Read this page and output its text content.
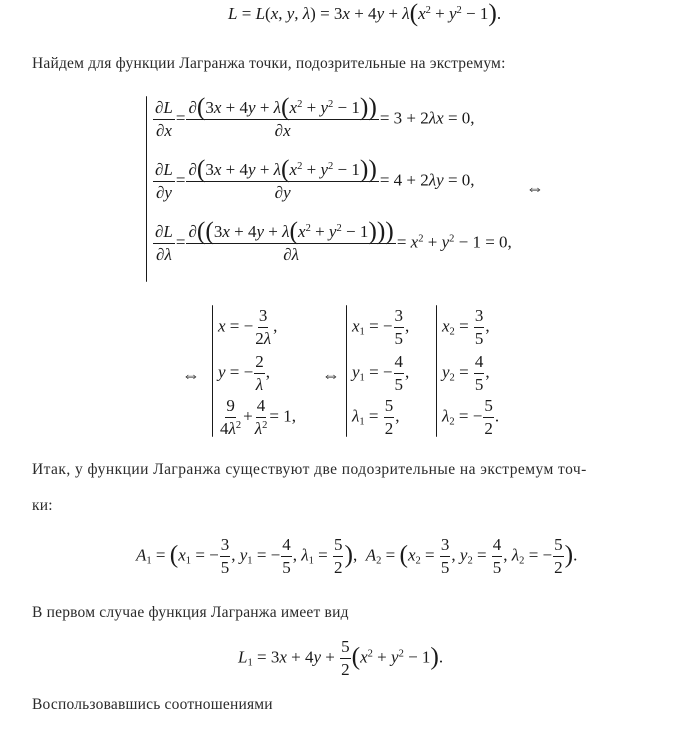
L = L(x, y, $\lambda) = 3x + 4y + \lambda(x^2 + y^2 - 1)$.
Найдем для функции Лагранжа точки, подозрительные на экстремум:
$\frac{\partial L}{\partial x} = \frac{\partial(3x + 4y + \lambda(x^2 + y^2 - 1))}{\partial x} = 3 + 2\lambda x = 0$,
$\frac{\partial L}{\partial y} = \frac{\partial(3x + 4y + \lambda(x^2 + y^2 - 1))}{\partial y} = 4 + 2\lambda y = 0$,	⇔
$\frac{\partial L}{\partial\lambda} = \frac{\partial((3x + 4y + \lambda(x^2 + y^2 - 1)))}{\partial\lambda} = x^2 + y^2 - 1 = 0$,
⇔
x = − $\frac{3}{2\lambda}$ ,
y = − $\frac{2}{\lambda}$ ,
$\frac{9}{4\lambda^2} + \frac{4}{\lambda^2} = 1$,
⇔
$x_1$ = − $\frac{3}{5}$ ,
$y_1$ = − $\frac{4}{5}$ ,
$\lambda_1 = \frac{5}{2}$ ,
$x_2 = \frac{3}{5}$ ,
$y_2 = \frac{4}{5}$ ,
$\lambda_2$ = − $\frac{5}{2}$ .
Итак, у функции Лагранжа существуют две подозрительные на экстремум точ-
ки:
$A_1 = (x_1$ = − $\frac{3}{5}$ , $y_1$ = − $\frac{4}{5}$ , $\lambda_1 = \frac{5}{2}$ ),  $A_2 = (x_2 = \frac{3}{5}$ , $y_2 = \frac{4}{5}$ , $\lambda_2$ = − $\frac{5}{2}$ ).
В первом случае функция Лагранжа имеет вид
$L_1 = 3x + 4y + \frac{5}{2} (x^2 + y^2 - 1)$.
Воспользовавшись соотношениями
